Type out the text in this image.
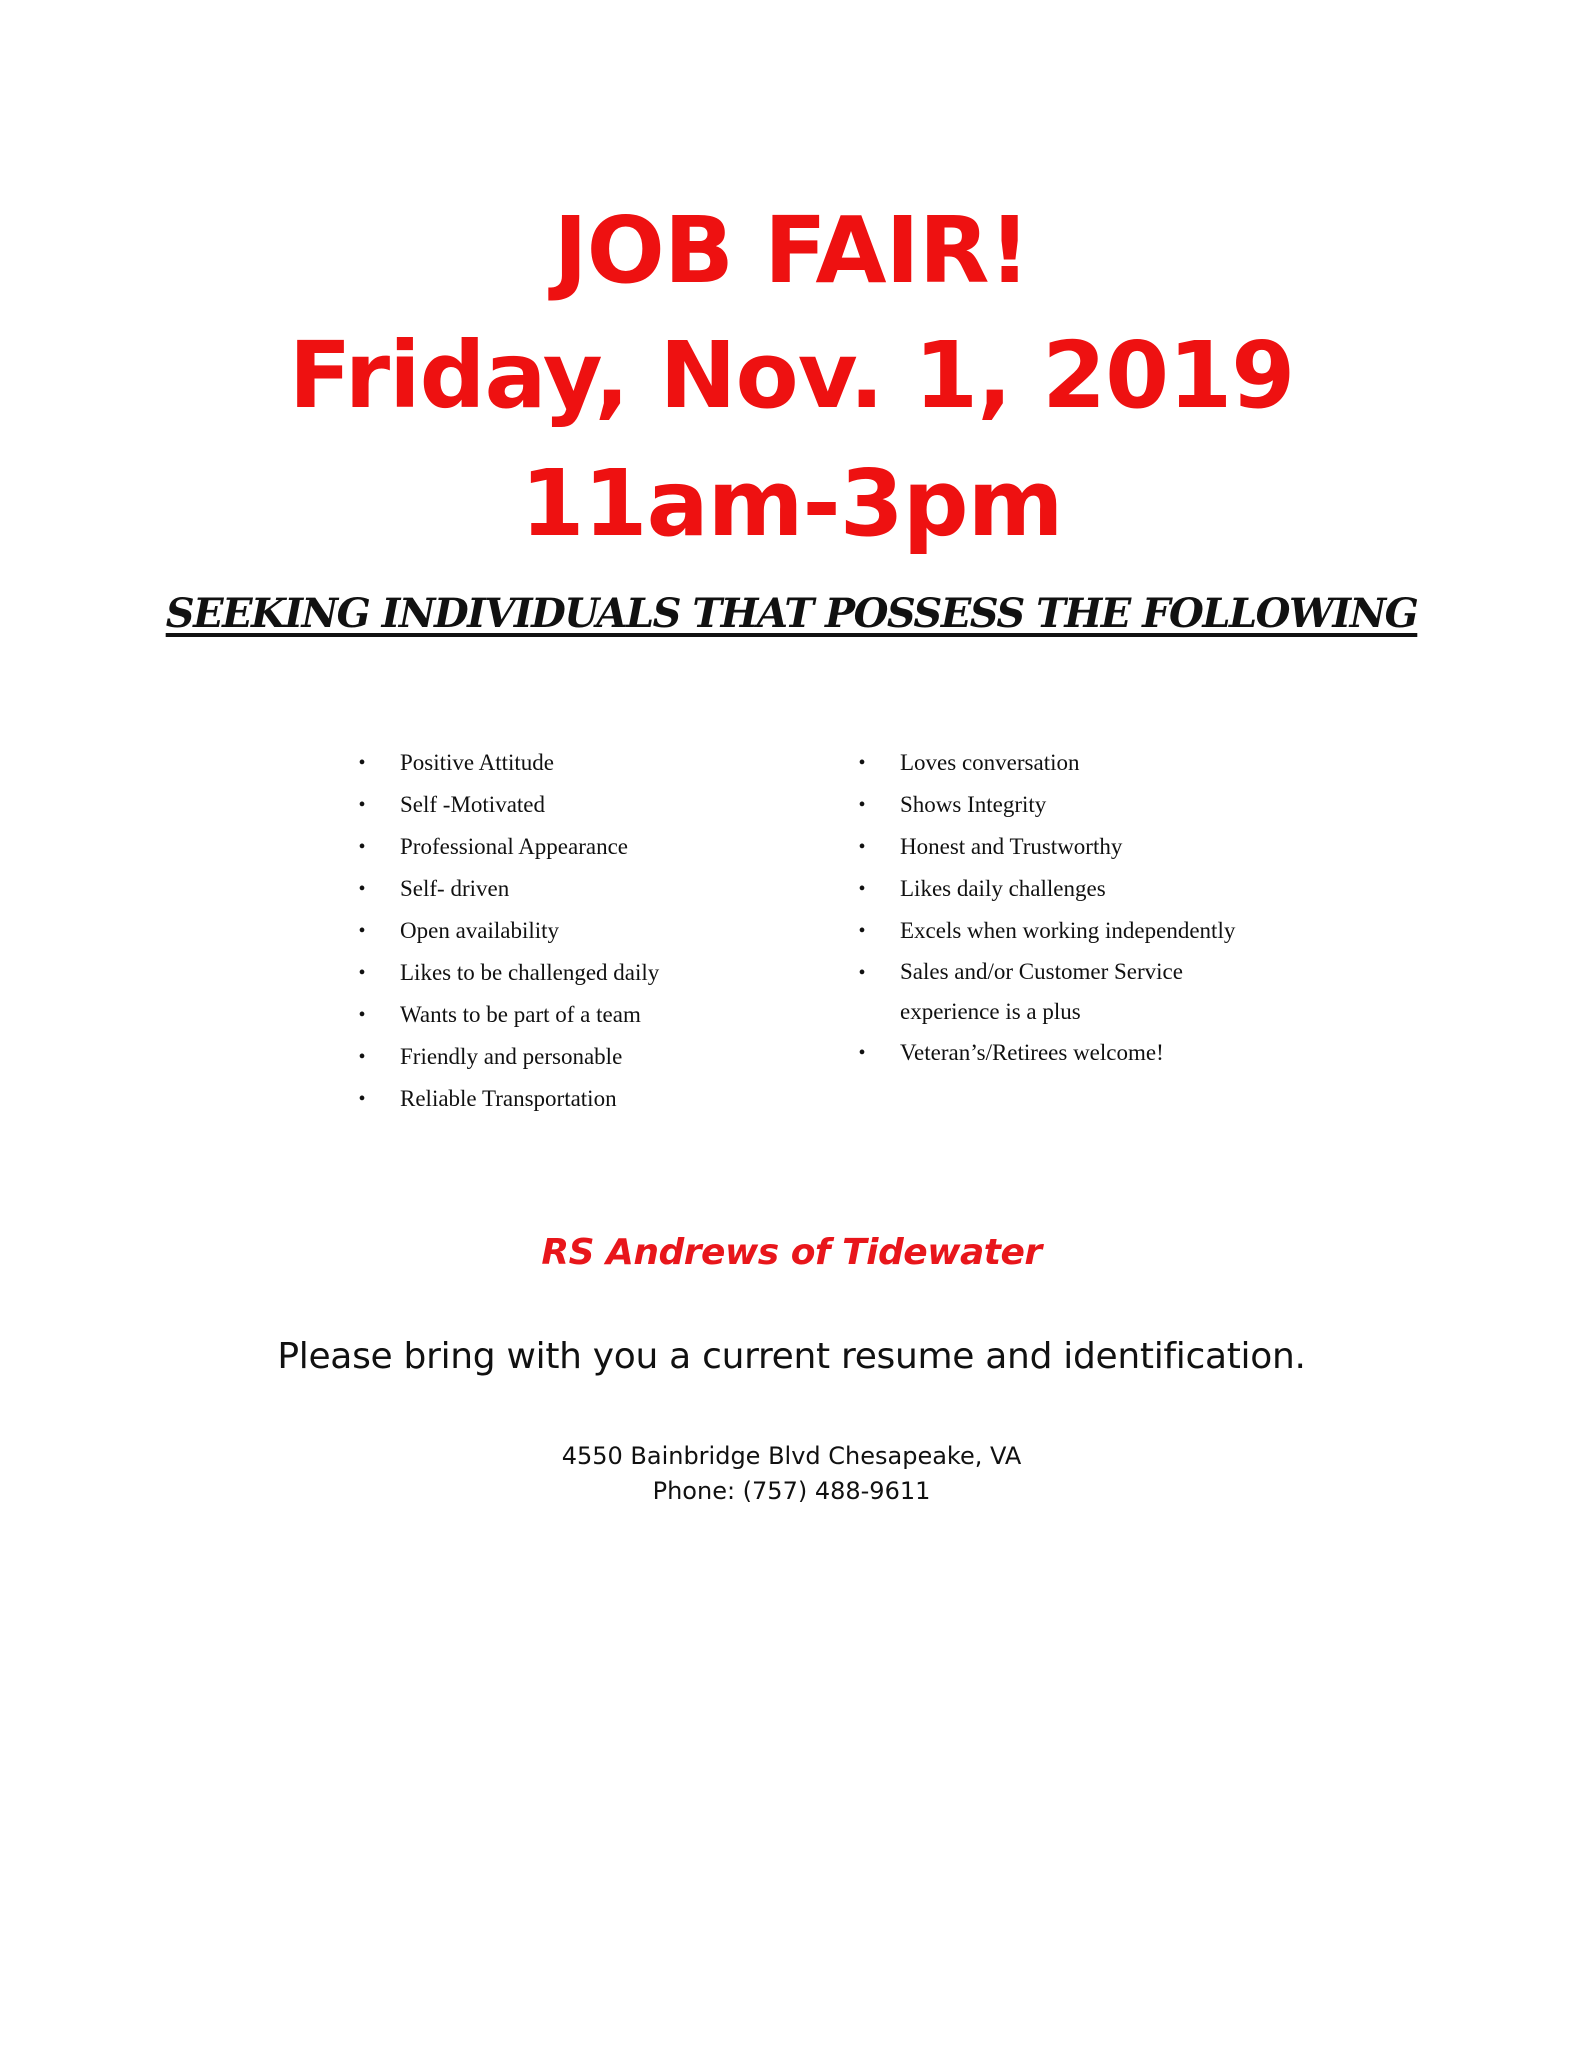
JOB FAIR!
Friday, Nov. 1, 2019
11am-3pm
SEEKING INDIVIDUALS THAT POSSESS THE FOLLOWING
• Positive Attitude
• Self -Motivated
• Professional Appearance
• Self- driven
• Open availability
• Likes to be challenged daily
• Wants to be part of a team
• Friendly and personable
• Reliable Transportation
• Loves conversation
• Shows Integrity
• Honest and Trustworthy
• Likes daily challenges
• Excels when working independently
• Sales and/or Customer Service experience is a plus
• Veteran’s/Retirees welcome!
RS Andrews of Tidewater
Please bring with you a current resume and identification.
4550 Bainbridge Blvd Chesapeake, VA
Phone: (757) 488-9611
